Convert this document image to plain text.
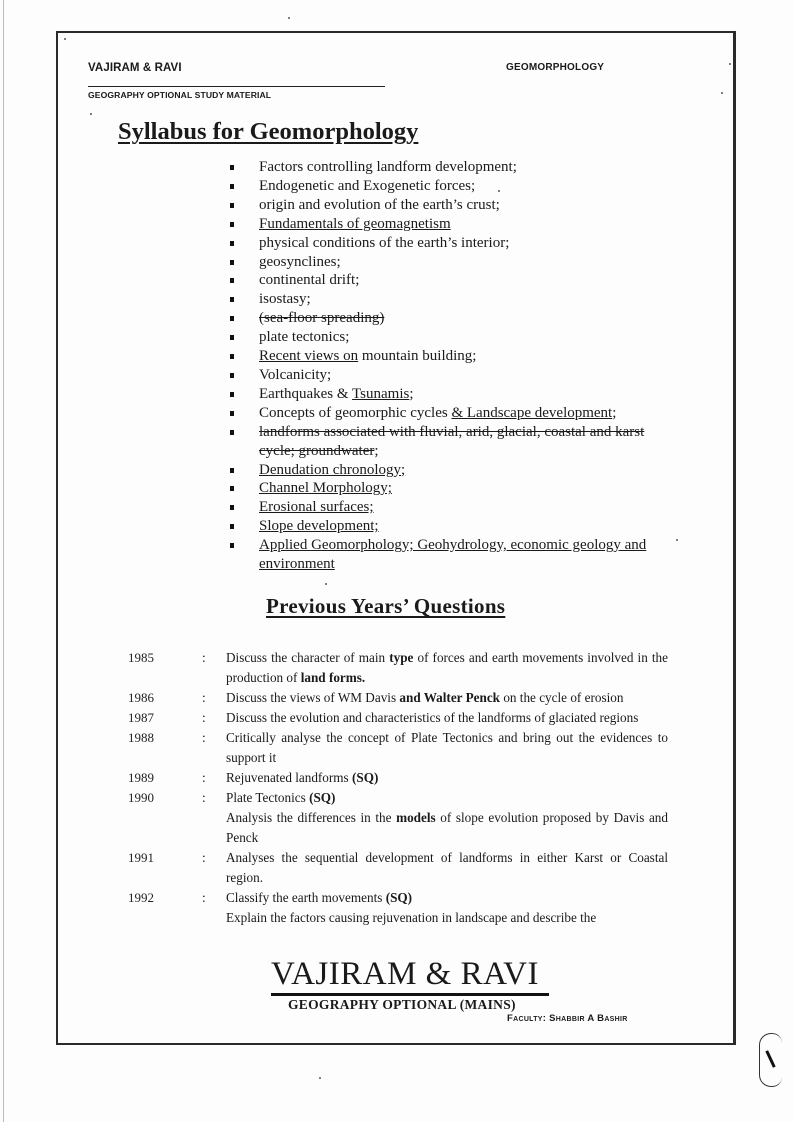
VAJIRAM & RAVI	GEOMORPHOLOGY
GEOGRAPHY OPTIONAL STUDY MATERIAL
Syllabus for Geomorphology
Factors controlling landform development;
Endogenetic and Exogenetic forces;
origin and evolution of the earth’s crust;
Fundamentals of geomagnetism
physical conditions of the earth’s interior;
geosynclines;
continental drift;
isostasy;
(sea-floor spreading)
plate tectonics;
Recent views on mountain building;
Volcanicity;
Earthquakes & Tsunamis;
Concepts of geomorphic cycles & Landscape development;
landforms associated with fluvial, arid, glacial, coastal and karst cycle; groundwater;
Denudation chronology;
Channel Morphology;
Erosional surfaces;
Slope development;
Applied Geomorphology; Geohydrology, economic geology and environment
Previous Years’ Questions
1985	:	Discuss the character of main type of forces and earth movements involved in the production of land forms.
1986	:	Discuss the views of WM Davis and Walter Penck on the cycle of erosion
1987	:	Discuss the evolution and characteristics of the landforms of glaciated regions
1988	:	Critically analyse the concept of Plate Tectonics and bring out the evidences to support it
1989	:	Rejuvenated landforms (SQ)
1990	:	Plate Tectonics (SQ)
Analysis the differences in the models of slope evolution proposed by Davis and Penck
1991	:	Analyses the sequential development of landforms in either Karst or Coastal region.
1992	:	Classify the earth movements (SQ)
Explain the factors causing rejuvenation in landscape and describe the
VAJIRAM & RAVI
GEOGRAPHY OPTIONAL (MAINS)
Faculty: Shabbir A Bashir
